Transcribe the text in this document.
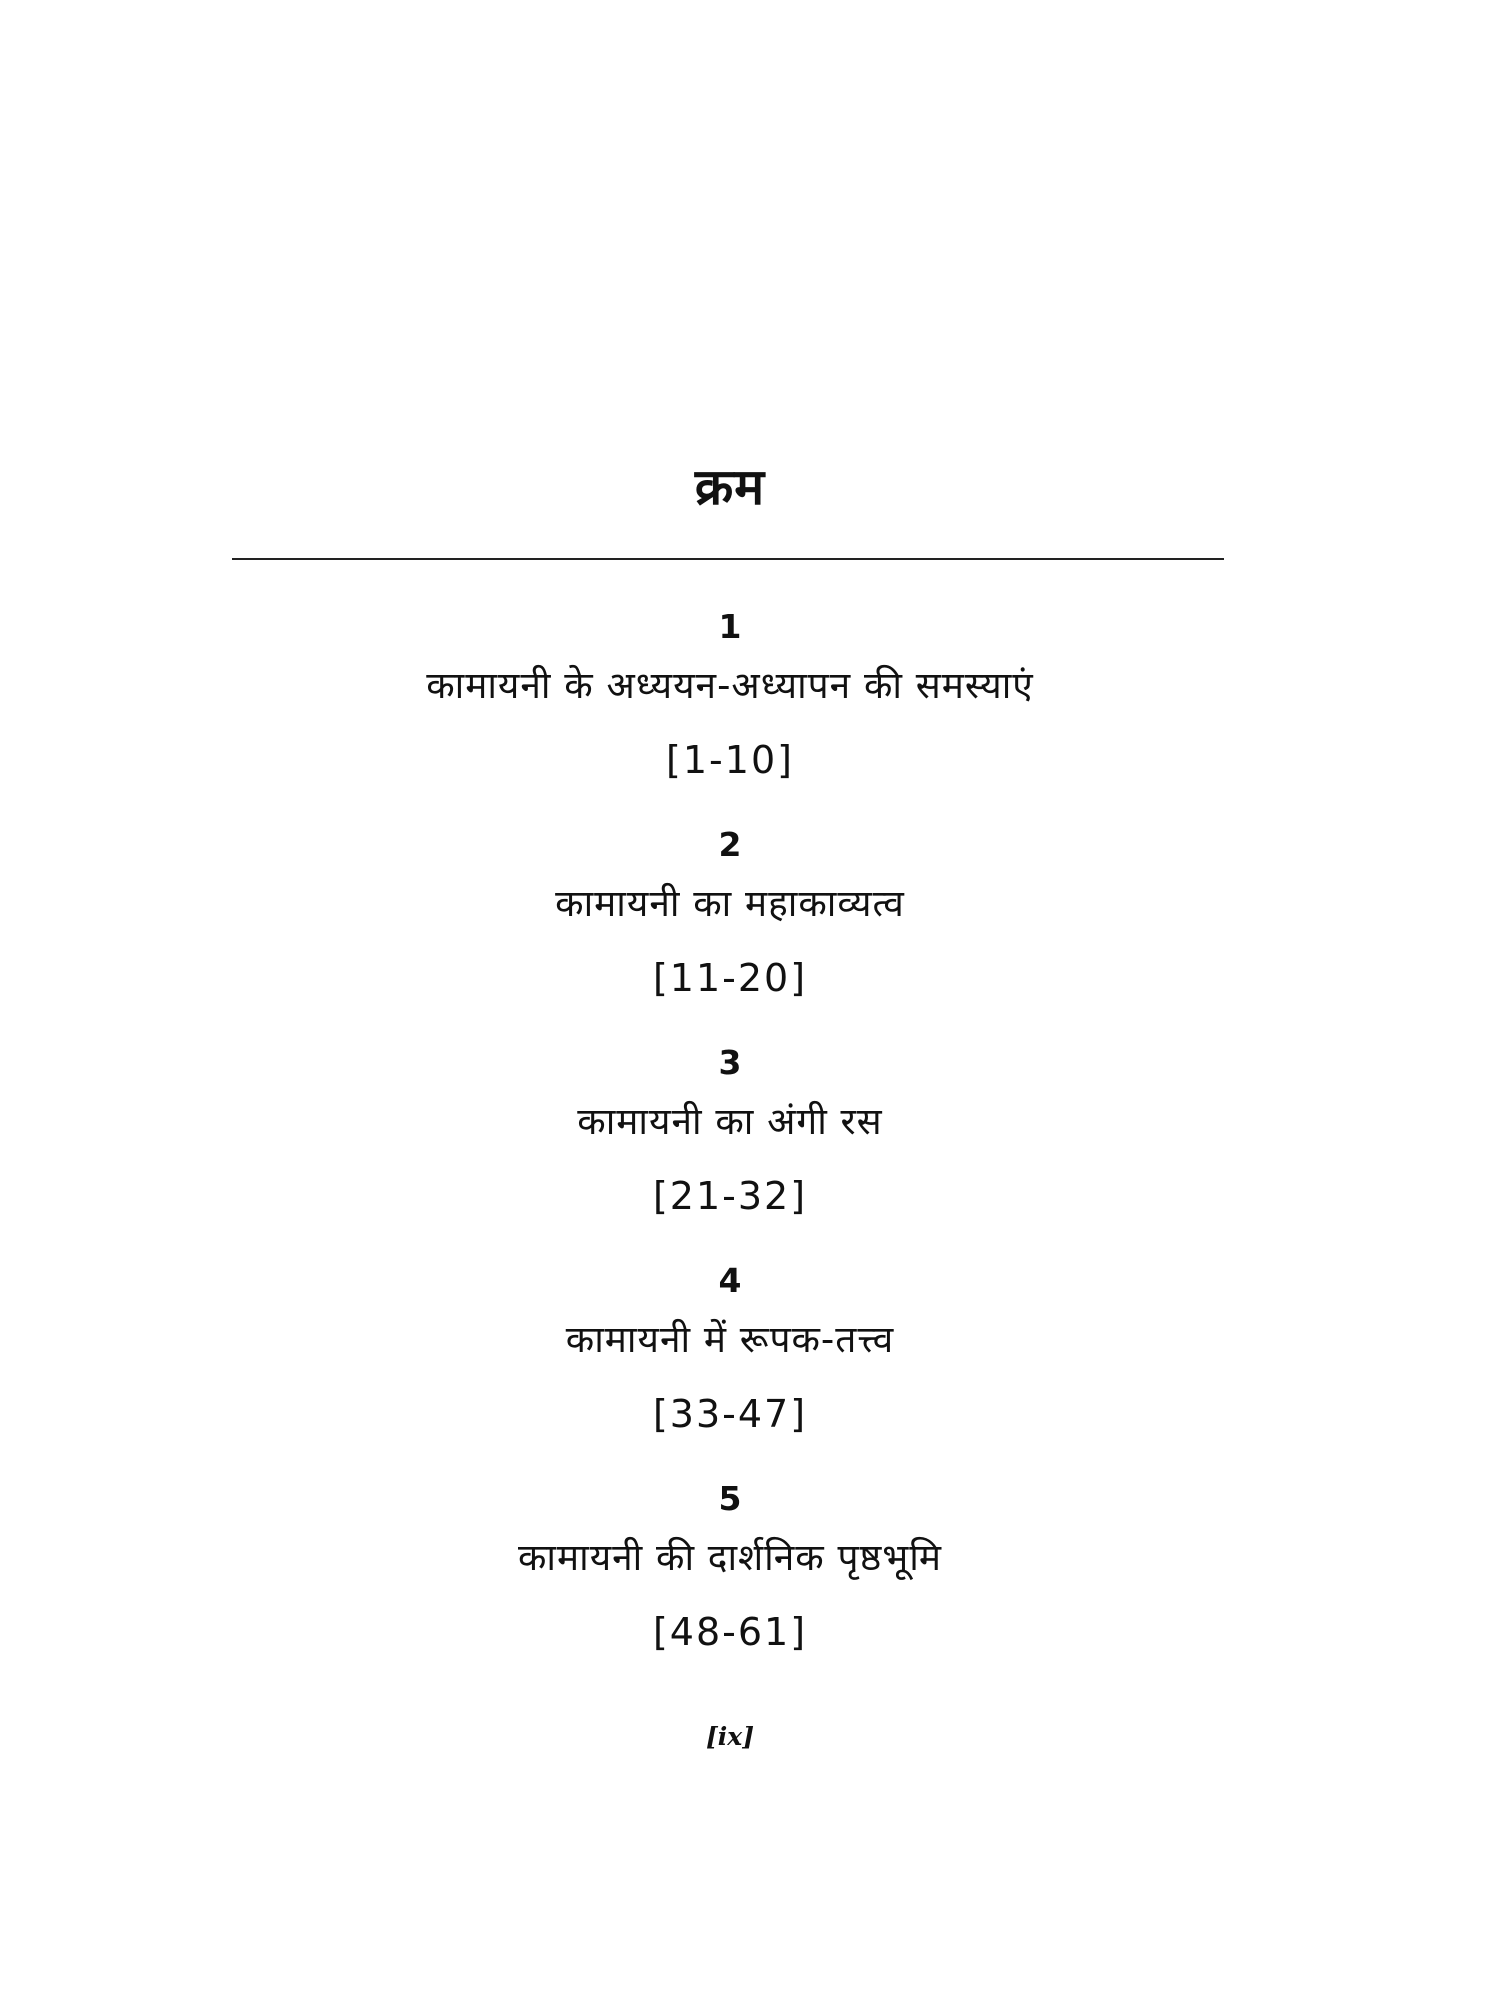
क्रम
1
कामायनी के अध्ययन-अध्यापन की समस्याएं
[1-10]
2
कामायनी का महाकाव्यत्व
[11-20]
3
कामायनी का अंगी रस
[21-32]
4
कामायनी में रूपक-तत्त्व
[33-47]
5
कामायनी की दार्शनिक पृष्ठभूमि
[48-61]
[ix]
